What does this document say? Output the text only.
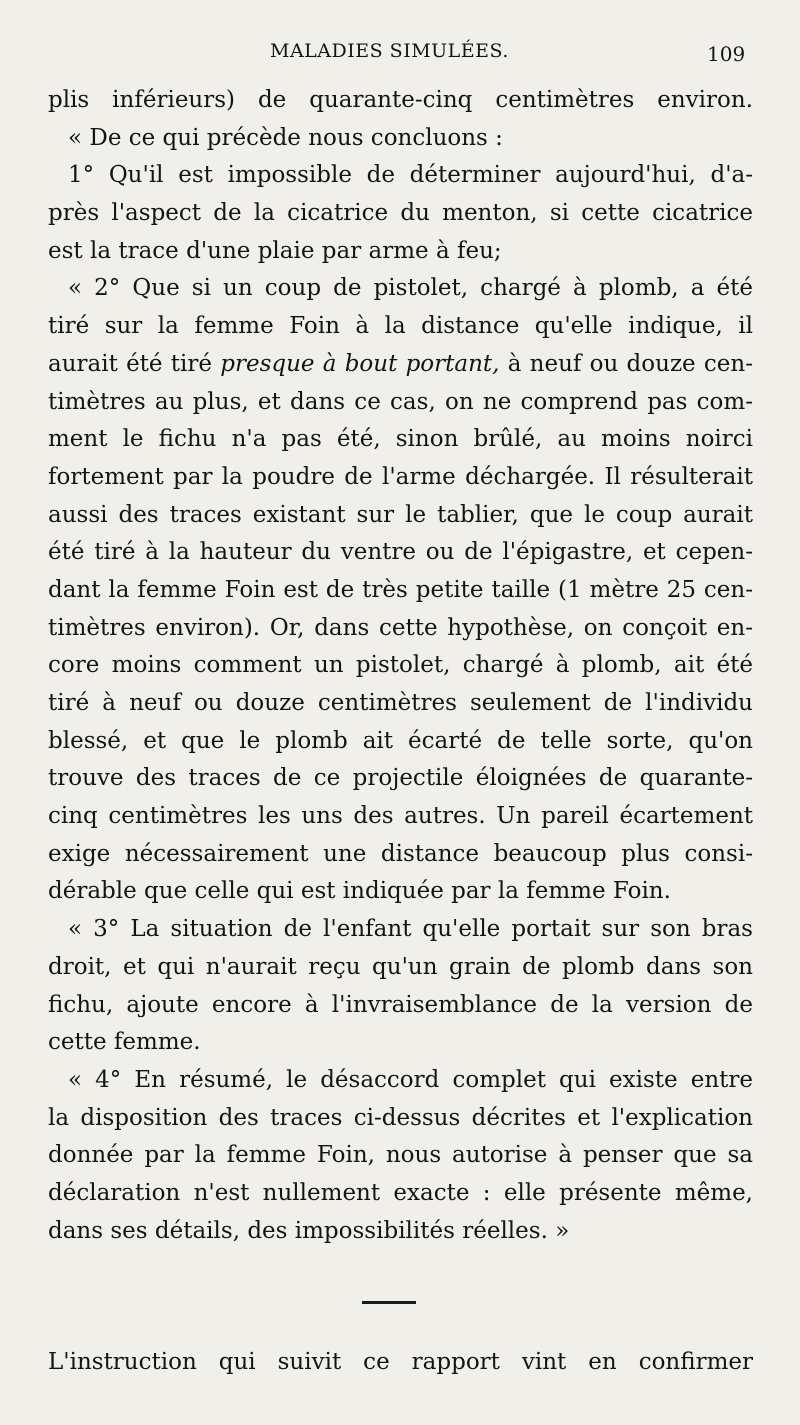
MALADIES SIMULÉES.	109
plis inférieurs) de quarante-cinq centimètres environ.
« De ce qui précède nous concluons :
1° Qu'il est impossible de déterminer aujourd'hui, d'a-
près l'aspect de la cicatrice du menton, si cette cicatrice
est la trace d'une plaie par arme à feu;
« 2° Que si un coup de pistolet, chargé à plomb, a été
tiré sur la femme Foin à la distance qu'elle indique, il
aurait été tiré presque à bout portant, à neuf ou douze cen-
timètres au plus, et dans ce cas, on ne comprend pas com-
ment le fichu n'a pas été, sinon brûlé, au moins noirci
fortement par la poudre de l'arme déchargée. Il résulterait
aussi des traces existant sur le tablier, que le coup aurait
été tiré à la hauteur du ventre ou de l'épigastre, et cepen-
dant la femme Foin est de très petite taille (1 mètre 25 cen-
timètres environ). Or, dans cette hypothèse, on conçoit en-
core moins comment un pistolet, chargé à plomb, ait été
tiré à neuf ou douze centimètres seulement de l'individu
blessé, et que le plomb ait écarté de telle sorte, qu'on
trouve des traces de ce projectile éloignées de quarante-
cinq centimètres les uns des autres. Un pareil écartement
exige nécessairement une distance beaucoup plus consi-
dérable que celle qui est indiquée par la femme Foin.
« 3° La situation de l'enfant qu'elle portait sur son bras
droit, et qui n'aurait reçu qu'un grain de plomb dans son
fichu, ajoute encore à l'invraisemblance de la version de
cette femme.
« 4° En résumé, le désaccord complet qui existe entre
la disposition des traces ci-dessus décrites et l'explication
donnée par la femme Foin, nous autorise à penser que sa
déclaration n'est nullement exacte : elle présente même,
dans ses détails, des impossibilités réelles. »
L'instruction qui suivit ce rapport vint en confirmer
